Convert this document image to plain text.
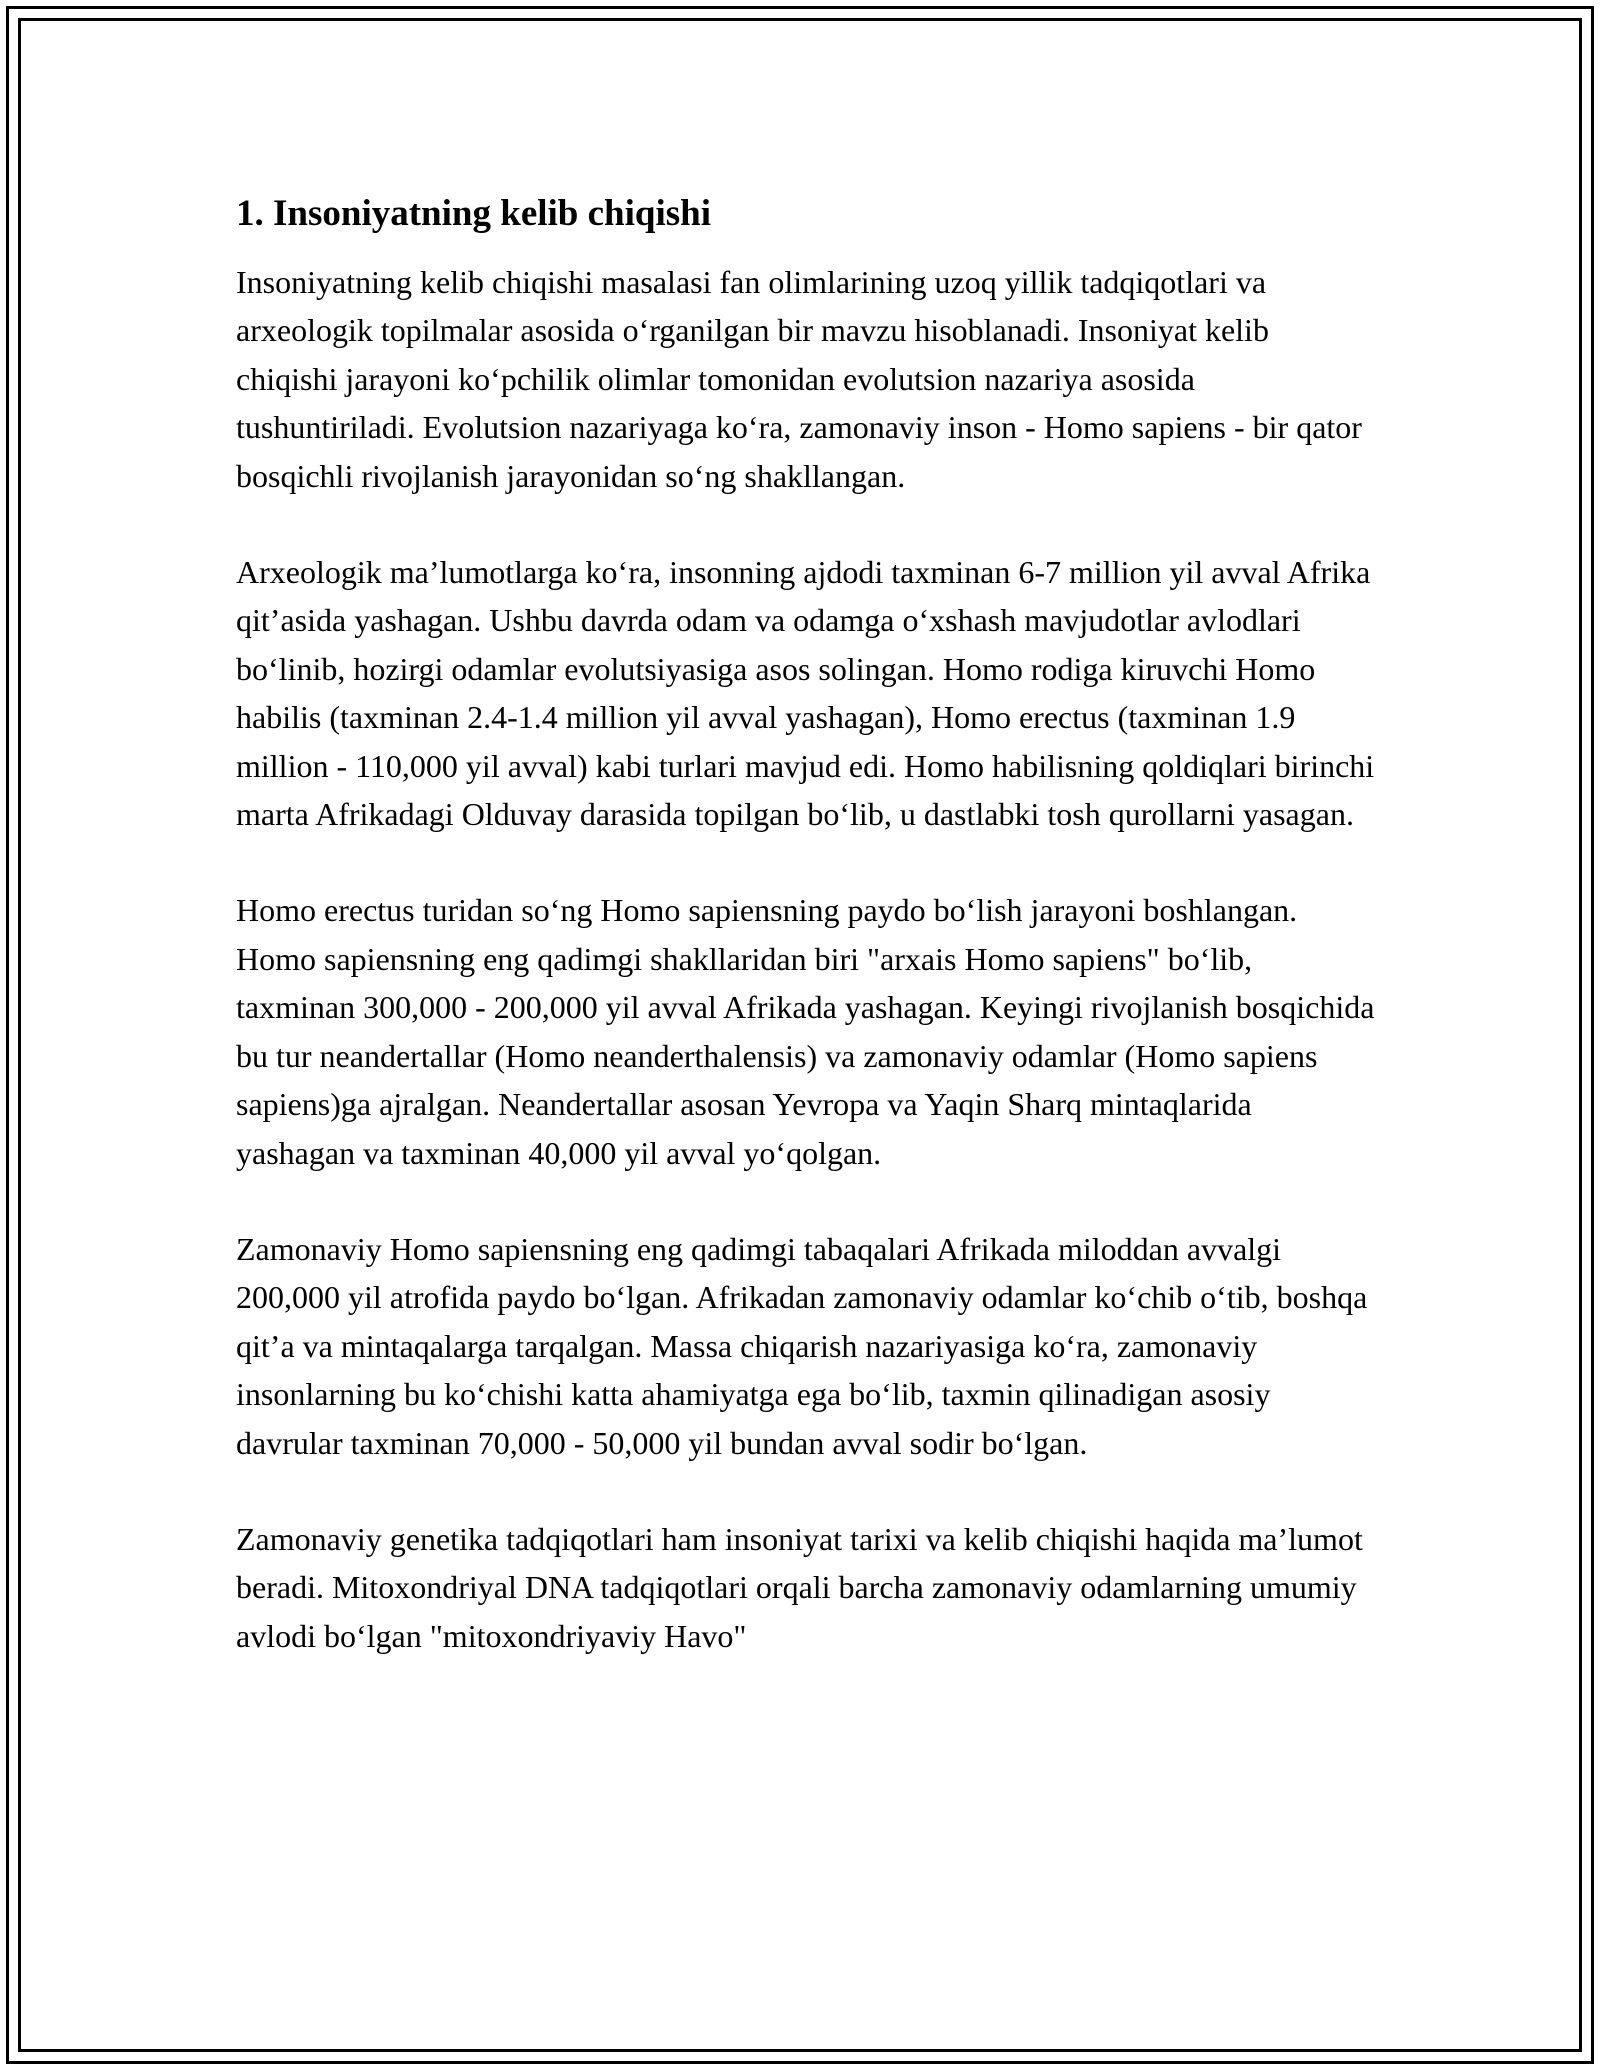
1. Insoniyatning kelib chiqishi

Insoniyatning kelib chiqishi masalasi fan olimlarining uzoq yillik tadqiqotlari va arxeologik topilmalar asosida oʻrganilgan bir mavzu hisoblanadi. Insoniyat kelib chiqishi jarayoni koʻpchilik olimlar tomonidan evolutsion nazariya asosida tushuntiriladi. Evolutsion nazariyaga koʻra, zamonaviy inson - Homo sapiens - bir qator bosqichli rivojlanish jarayonidan soʻng shakllangan.

Arxeologik maʼlumotlarga koʻra, insonning ajdodi taxminan 6-7 million yil avval Afrika qitʼasida yashagan. Ushbu davrda odam va odamga oʻxshash mavjudotlar avlodlari boʻlinib, hozirgi odamlar evolutsiyasiga asos solingan. Homo rodiga kiruvchi Homo habilis (taxminan 2.4-1.4 million yil avval yashagan), Homo erectus (taxminan 1.9 million - 110,000 yil avval) kabi turlari mavjud edi. Homo habilisning qoldiqlari birinchi marta Afrikadagi Olduvay darasida topilgan boʻlib, u dastlabki tosh qurollarni yasagan.

Homo erectus turidan soʻng Homo sapiensning paydo boʻlish jarayoni boshlangan. Homo sapiensning eng qadimgi shakllaridan biri "arxais Homo sapiens" boʻlib, taxminan 300,000 - 200,000 yil avval Afrikada yashagan. Keyingi rivojlanish bosqichida bu tur neandertallar (Homo neanderthalensis) va zamonaviy odamlar (Homo sapiens sapiens)ga ajralgan. Neandertallar asosan Yevropa va Yaqin Sharq mintaqlarida yashagan va taxminan 40,000 yil avval yoʻqolgan.

Zamonaviy Homo sapiensning eng qadimgi tabaqalari Afrikada miloddan avvalgi 200,000 yil atrofida paydo boʻlgan. Afrikadan zamonaviy odamlar koʻchib oʻtib, boshqa qitʼa va mintaqalarga tarqalgan. Massa chiqarish nazariyasiga koʻra, zamonaviy insonlarning bu koʻchishi katta ahamiyatga ega boʻlib, taxmin qilinadigan asosiy davrular taxminan 70,000 - 50,000 yil bundan avval sodir boʻlgan.

Zamonaviy genetika tadqiqotlari ham insoniyat tarixi va kelib chiqishi haqida maʼlumot beradi. Mitoxondriyal DNA tadqiqotlari orqali barcha zamonaviy odamlarning umumiy avlodi boʻlgan "mitoxondriyaviy Havo"
